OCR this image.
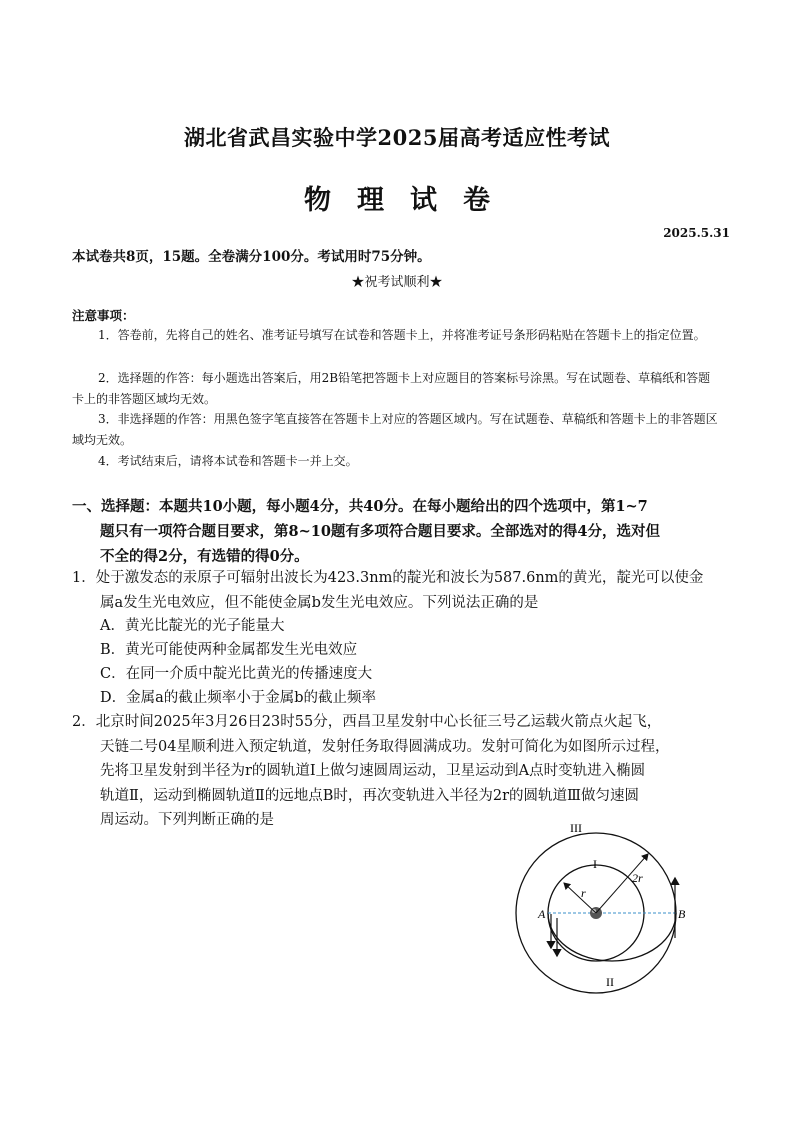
湖北省武昌实验中学2025届高考适应性考试
物理试卷
2025.5.31
本试卷共8页，15题。全卷满分100分。考试用时75分钟。
★祝考试顺利★
注意事项：
1．答卷前，先将自己的姓名、准考证号填写在试卷和答题卡上，并将准考证号条形码粘贴在答题卡上的指定位置。
2．选择题的作答：每小题选出答案后，用2B铅笔把答题卡上对应题目的答案标号涂黑。写在试题卷、草稿纸和答题卡上的非答题区域均无效。
3．非选择题的作答：用黑色签字笔直接答在答题卡上对应的答题区域内。写在试题卷、草稿纸和答题卡上的非答题区域均无效。
4．考试结束后，请将本试卷和答题卡一并上交。
一、选择题：本题共10小题，每小题4分，共40分。在每小题给出的四个选项中，第1~7
题只有一项符合题目要求，第8~10题有多项符合题目要求。全部选对的得4分，选对但
不全的得2分，有选错的得0分。
1．处于激发态的汞原子可辐射出波长为423.3nm的靛光和波长为587.6nm的黄光，靛光可以使金
属a发生光电效应，但不能使金属b发生光电效应。下列说法正确的是
A．黄光比靛光的光子能量大
B．黄光可能使两种金属都发生光电效应
C．在同一介质中靛光比黄光的传播速度大
D．金属a的截止频率小于金属b的截止频率
2．北京时间2025年3月26日23时55分，西昌卫星发射中心长征三号乙运载火箭点火起飞，
天链二号04星顺利进入预定轨道，发射任务取得圆满成功。发射可简化为如图所示过程，
先将卫星发射到半径为r的圆轨道Ⅰ上做匀速圆周运动，卫星运动到A点时变轨进入椭圆
轨道Ⅱ，运动到椭圆轨道Ⅱ的远地点B时，再次变轨进入半径为2r的圆轨道Ⅲ做匀速圆
周运动。下列判断正确的是	III
I
II
r
2r
A	B
